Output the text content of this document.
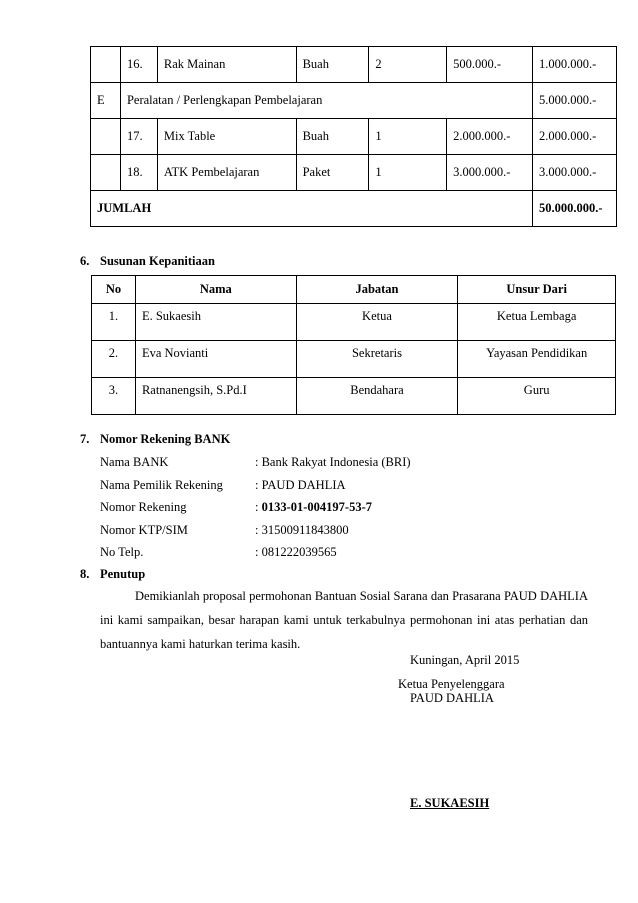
	16.	Rak Mainan	Buah	2	500.000.-	1.000.000.-
E	Peralatan / Perlengkapan Pembelajaran					5.000.000.-
	17.	Mix Table	Buah	1	2.000.000.-	2.000.000.-
	18.	ATK Pembelajaran	Paket	1	3.000.000.-	3.000.000.-
JUMLAH						50.000.000.-
6. Susunan Kepanitiaan
No	Nama	Jabatan	Unsur Dari
1.	E. Sukaesih	Ketua	Ketua Lembaga
2.	Eva Novianti	Sekretaris	Yayasan Pendidikan
3.	Ratnanengsih, S.Pd.I	Bendahara	Guru
7. Nomor Rekening BANK
Nama BANK	: Bank Rakyat Indonesia (BRI)
Nama Pemilik Rekening	: PAUD DAHLIA
Nomor Rekening	: 0133-01-004197-53-7
Nomor KTP/SIM	: 31500911843800
No Telp.	: 081222039565
8. Penutup
Demikianlah proposal permohonan Bantuan Sosial Sarana dan Prasarana PAUD DAHLIA ini kami sampaikan, besar harapan kami untuk terkabulnya permohonan ini atas perhatian dan bantuannya kami haturkan terima kasih.
Kuningan, April 2015
Ketua Penyelenggara
PAUD DAHLIA
E. SUKAESIH
